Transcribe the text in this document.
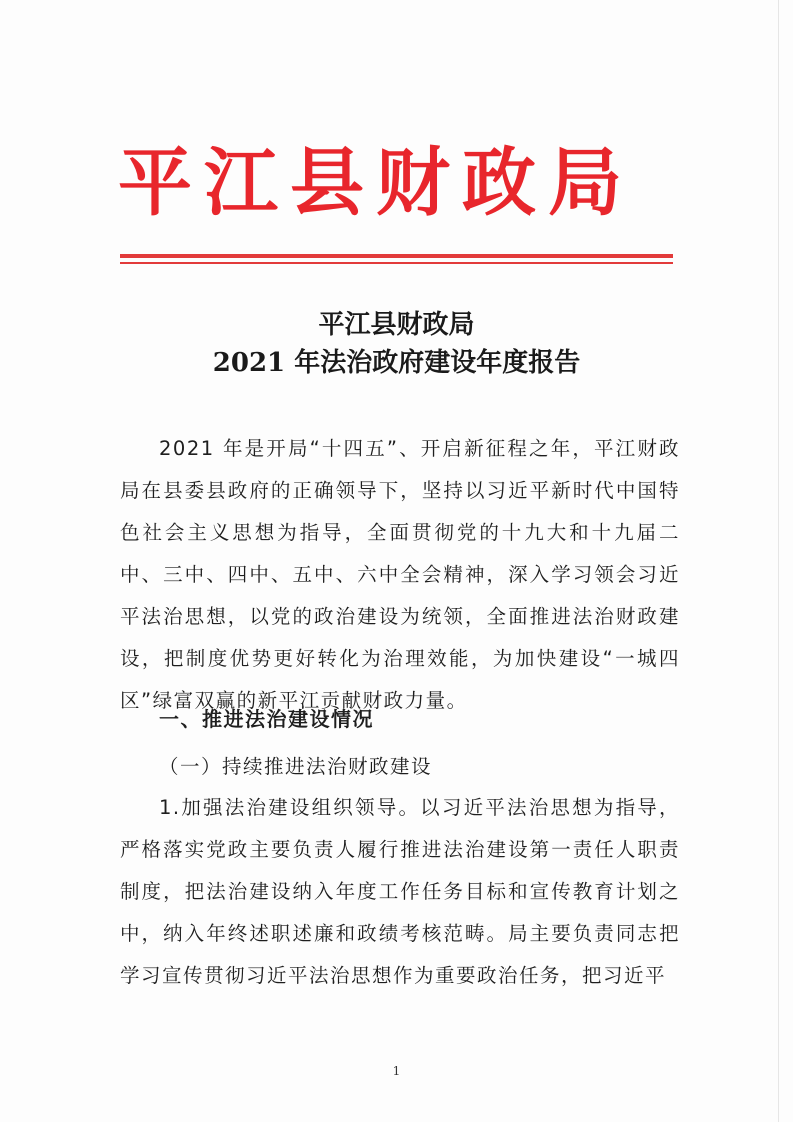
平江县财政局
平江县财政局
2021 年法治政府建设年度报告
2021 年是开局“十四五”、开启新征程之年，平江财政局在县委县政府的正确领导下，坚持以习近平新时代中国特色社会主义思想为指导，全面贯彻党的十九大和十九届二中、三中、四中、五中、六中全会精神，深入学习领会习近平法治思想，以党的政治建设为统领，全面推进法治财政建设，把制度优势更好转化为治理效能，为加快建设“一城四区”绿富双赢的新平江贡献财政力量。
一、推进法治建设情况
（一）持续推进法治财政建设
1.加强法治建设组织领导。以习近平法治思想为指导，严格落实党政主要负责人履行推进法治建设第一责任人职责制度，把法治建设纳入年度工作任务目标和宣传教育计划之中，纳入年终述职述廉和政绩考核范畴。局主要负责同志把学习宣传贯彻习近平法治思想作为重要政治任务，把习近平
1
